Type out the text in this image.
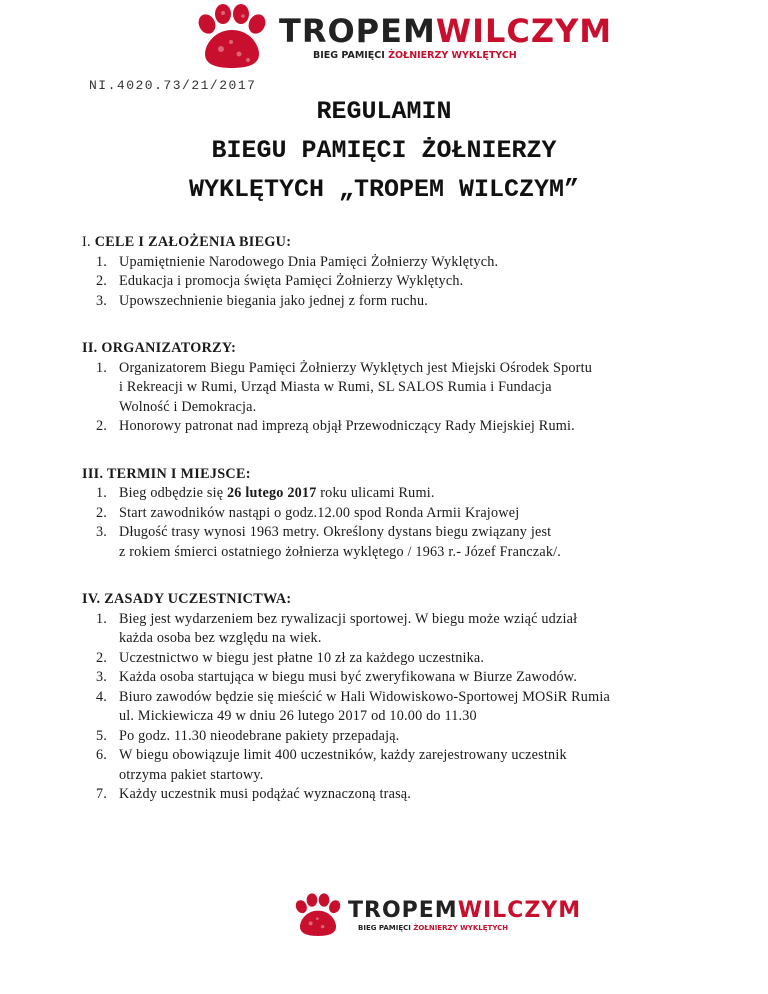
TROPEMWILCZYM
BIEG PAMIĘCI ŻOŁNIERZY WYKLĘTYCH
NI.4020.73/21/2017
REGULAMIN
BIEGU PAMIĘCI ŻOŁNIERZY
WYKLĘTYCH „TROPEM WILCZYM”
I. CELE I ZAŁOŻENIA BIEGU:
1. Upamiętnienie Narodowego Dnia Pamięci Żołnierzy Wyklętych.
2. Edukacja i promocja święta Pamięci Żołnierzy Wyklętych.
3. Upowszechnienie biegania jako jednej z form ruchu.
II. ORGANIZATORZY:
1. Organizatorem Biegu Pamięci Żołnierzy Wyklętych jest Miejski Ośrodek Sportu
i Rekreacji w Rumi, Urząd Miasta w Rumi, SL SALOS Rumia i Fundacja
Wolność i Demokracja.
2. Honorowy patronat nad imprezą objął Przewodniczący Rady Miejskiej Rumi.
III. TERMIN I MIEJSCE:
1. Bieg odbędzie się 26 lutego 2017 roku ulicami Rumi.
2. Start zawodników nastąpi o godz.12.00 spod Ronda Armii Krajowej
3. Długość trasy wynosi 1963 metry. Określony dystans biegu związany jest
z rokiem śmierci ostatniego żołnierza wyklętego / 1963 r.- Józef Franczak/.
IV. ZASADY UCZESTNICTWA:
1. Bieg jest wydarzeniem bez rywalizacji sportowej. W biegu może wziąć udział
każda osoba bez względu na wiek.
2. Uczestnictwo w biegu jest płatne 10 zł za każdego uczestnika.
3. Każda osoba startująca w biegu musi być zweryfikowana w Biurze Zawodów.
4. Biuro zawodów będzie się mieścić w Hali Widowiskowo-Sportowej MOSiR Rumia
ul. Mickiewicza 49 w dniu 26 lutego 2017 od 10.00 do 11.30
5. Po godz. 11.30 nieodebrane pakiety przepadają.
6. W biegu obowiązuje limit 400 uczestników, każdy zarejestrowany uczestnik
otrzyma pakiet startowy.
7. Każdy uczestnik musi podążać wyznaczoną trasą.
TROPEMWILCZYM
BIEG PAMIĘCI ŻOŁNIERZY WYKLĘTYCH
